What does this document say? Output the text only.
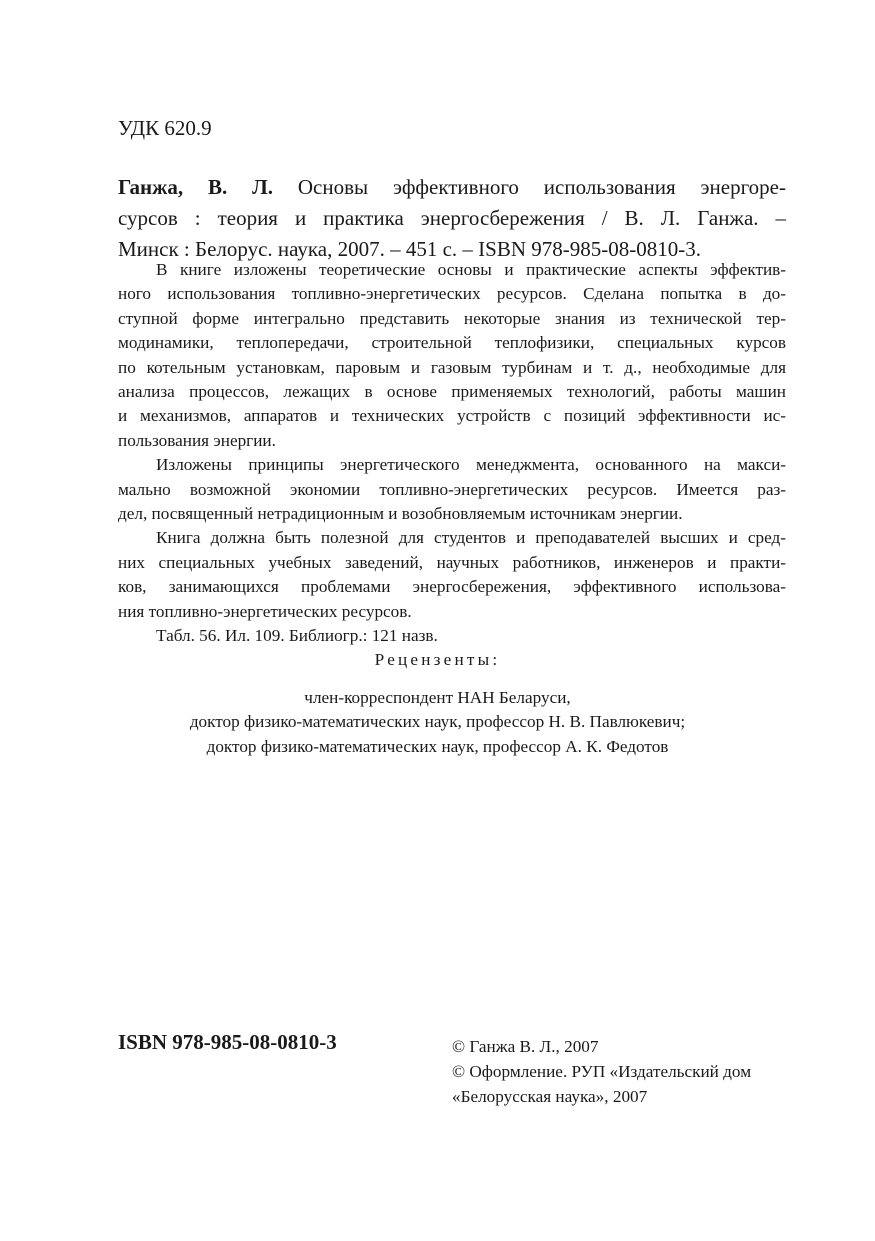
УДК 620.9
Ганжа, В. Л. Основы эффективного использования энергоре-
сурсов : теория и практика энергосбережения / В. Л. Ганжа. –
Минск : Белорус. наука, 2007. – 451 с. – ISBN 978-985-08-0810-3.
В книге изложены теоретические основы и практические аспекты эффектив-
ного использования топливно-энергетических ресурсов. Сделана попытка в до-
ступной форме интегрально представить некоторые знания из технической тер-
модинамики, теплопередачи, строительной теплофизики, специальных курсов
по котельным установкам, паровым и газовым турбинам и т. д., необходимые для
анализа процессов, лежащих в основе применяемых технологий, работы машин
и механизмов, аппаратов и технических устройств с позиций эффективности ис-
пользования энергии.
Изложены принципы энергетического менеджмента, основанного на макси-
мально возможной экономии топливно-энергетических ресурсов. Имеется раз-
дел, посвященный нетрадиционным и возобновляемым источникам энергии.
Книга должна быть полезной для студентов и преподавателей высших и сред-
них специальных учебных заведений, научных работников, инженеров и практи-
ков, занимающихся проблемами энергосбережения, эффективного использова-
ния топливно-энергетических ресурсов.
Табл. 56. Ил. 109. Библиогр.: 121 назв.
Рецензенты:
член-корреспондент НАН Беларуси,
доктор физико-математических наук, профессор Н. В. Павлюкевич;
доктор физико-математических наук, профессор А. К. Федотов
ISBN 978-985-08-0810-3	© Ганжа В. Л., 2007
© Оформление. РУП «Издательский дом
«Белорусская наука», 2007
